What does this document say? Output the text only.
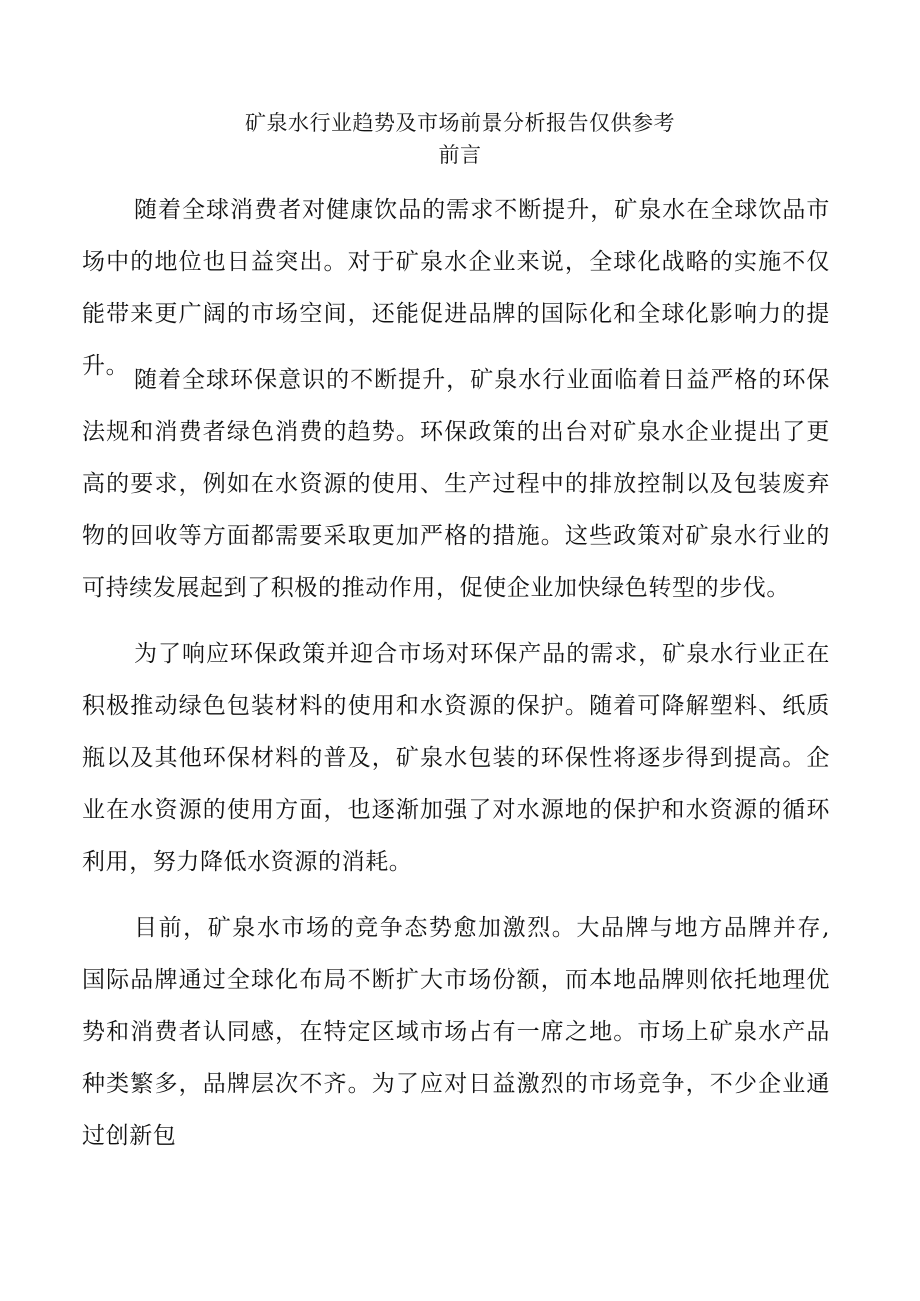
矿泉水行业趋势及市场前景分析报告仅供参考
前言

随着全球消费者对健康饮品的需求不断提升，矿泉水在全球饮品市场中的地位也日益突出。对于矿泉水企业来说，全球化战略的实施不仅能带来更广阔的市场空间，还能促进品牌的国际化和全球化影响力的提升。

随着全球环保意识的不断提升，矿泉水行业面临着日益严格的环保法规和消费者绿色消费的趋势。环保政策的出台对矿泉水企业提出了更高的要求，例如在水资源的使用、生产过程中的排放控制以及包装废弃物的回收等方面都需要采取更加严格的措施。这些政策对矿泉水行业的可持续发展起到了积极的推动作用，促使企业加快绿色转型的步伐。

为了响应环保政策并迎合市场对环保产品的需求，矿泉水行业正在积极推动绿色包装材料的使用和水资源的保护。随着可降解塑料、纸质瓶以及其他环保材料的普及，矿泉水包装的环保性将逐步得到提高。企业在水资源的使用方面，也逐渐加强了对水源地的保护和水资源的循环利用，努力降低水资源的消耗。

目前，矿泉水市场的竞争态势愈加激烈。大品牌与地方品牌并存, 国际品牌通过全球化布局不断扩大市场份额，而本地品牌则依托地理优势和消费者认同感，在特定区域市场占有一席之地。市场上矿泉水产品种类繁多，品牌层次不齐。为了应对日益激烈的市场竞争，不少企业通过创新包
